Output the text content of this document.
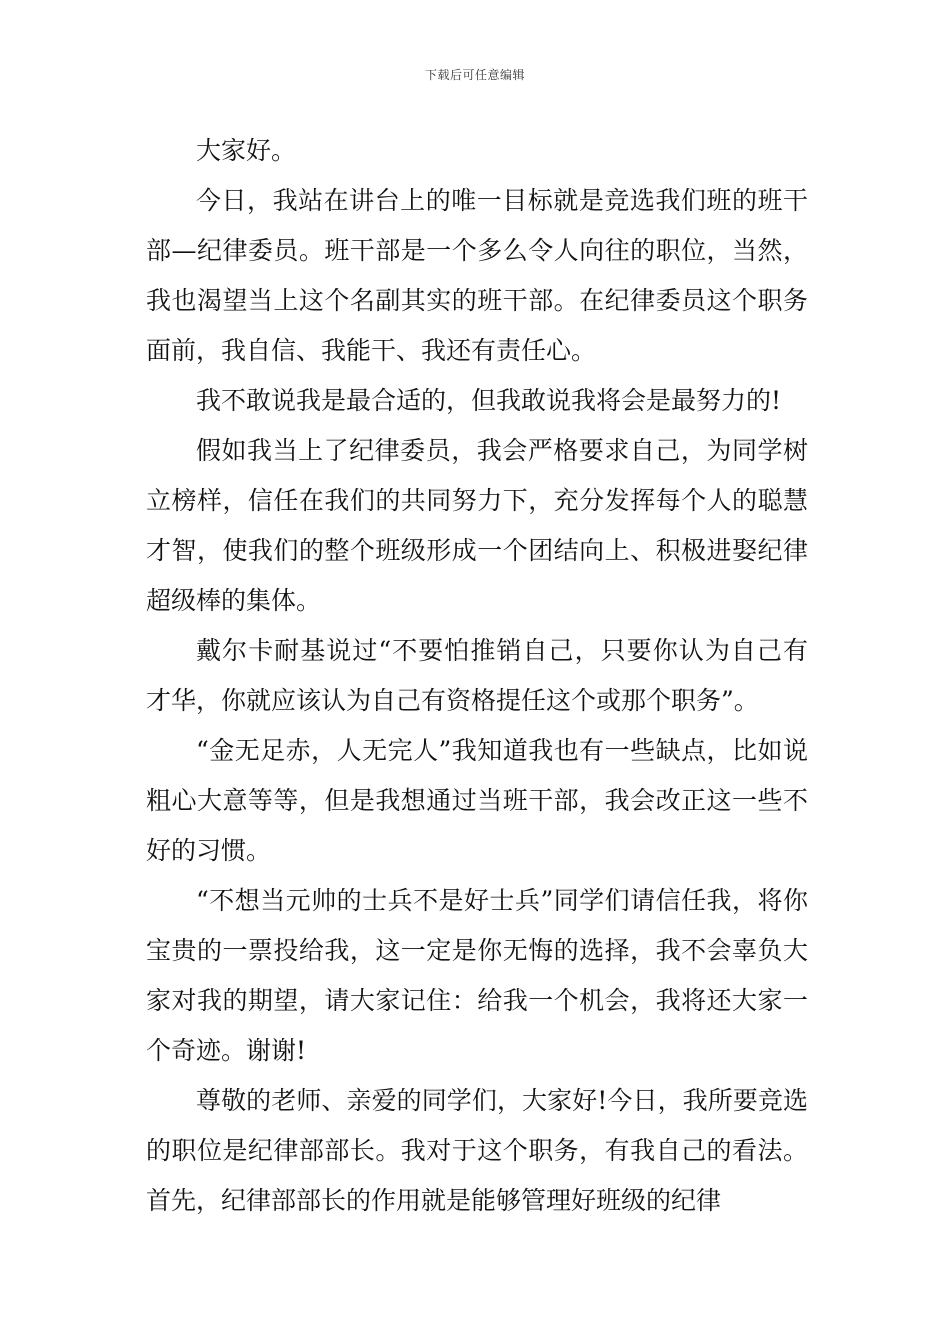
下载后可任意编辑

大家好。

今日，我站在讲台上的唯一目标就是竞选我们班的班干部—纪律委员。班干部是一个多么令人向往的职位，当然，我也渴望当上这个名副其实的班干部。在纪律委员这个职务面前，我自信、我能干、我还有责任心。

我不敢说我是最合适的，但我敢说我将会是最努力的!

假如我当上了纪律委员，我会严格要求自己，为同学树立榜样，信任在我们的共同努力下，充分发挥每个人的聪慧才智，使我们的整个班级形成一个团结向上、积极进娶纪律超级棒的集体。

戴尔卡耐基说过“不要怕推销自己，只要你认为自己有才华，你就应该认为自己有资格提任这个或那个职务”。

“金无足赤，人无完人”我知道我也有一些缺点，比如说粗心大意等等，但是我想通过当班干部，我会改正这一些不好的习惯。

“不想当元帅的士兵不是好士兵”同学们请信任我，将你宝贵的一票投给我，这一定是你无悔的选择，我不会辜负大家对我的期望，请大家记住：给我一个机会，我将还大家一个奇迹。谢谢!

尊敬的老师、亲爱的同学们，大家好!今日，我所要竞选的职位是纪律部部长。我对于这个职务，有我自己的看法。首先，纪律部部长的作用就是能够管理好班级的纪律
